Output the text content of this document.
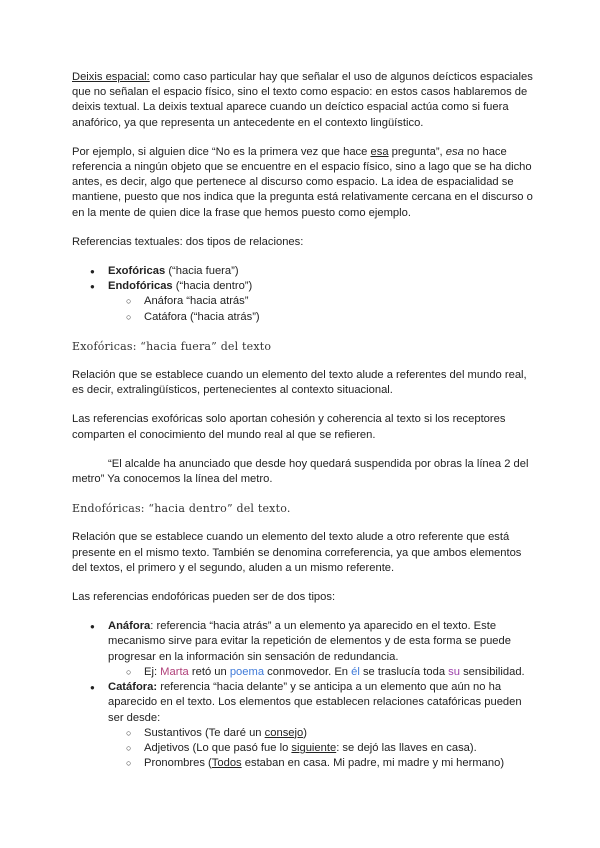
Deixis espacial: como caso particular hay que señalar el uso de algunos deícticos espaciales que no señalan el espacio físico, sino el texto como espacio: en estos casos hablaremos de deixis textual. La deixis textual aparece cuando un deíctico espacial actúa como si fuera anafórico, ya que representa un antecedente en el contexto lingüístico.

Por ejemplo, si alguien dice “No es la primera vez que hace esa pregunta”, esa no hace referencia a ningún objeto que se encuentre en el espacio físico, sino a lago que se ha dicho antes, es decir, algo que pertenece al discurso como espacio. La idea de espacialidad se mantiene, puesto que nos indica que la pregunta está relativamente cercana en el discurso o en la mente de quien dice la frase que hemos puesto como ejemplo.

Referencias textuales: dos tipos de relaciones:

● Exofóricas (“hacia fuera”)
● Endofóricas (“hacia dentro”)
○ Anáfora “hacia atrás”
○ Catáfora (“hacia atrás”)

Exofóricas: “hacia fuera” del texto

Relación que se establece cuando un elemento del texto alude a referentes del mundo real, es decir, extralingüísticos, pertenecientes al contexto situacional.

Las referencias exofóricas solo aportan cohesión y coherencia al texto si los receptores comparten el conocimiento del mundo real al que se refieren.

“El alcalde ha anunciado que desde hoy quedará suspendida por obras la línea 2 del metro” Ya conocemos la línea del metro.

Endofóricas: “hacia dentro” del texto.

Relación que se establece cuando un elemento del texto alude a otro referente que está presente en el mismo texto. También se denomina correferencia, ya que ambos elementos del textos, el primero y el segundo, aluden a un mismo referente.

Las referencias endofóricas pueden ser de dos tipos:

● Anáfora: referencia “hacia atrás” a un elemento ya aparecido en el texto. Este mecanismo sirve para evitar la repetición de elementos y de esta forma se puede progresar en la información sin sensación de redundancia.
○ Ej: Marta retó un poema conmovedor. En él se traslucía toda su sensibilidad.
● Catáfora: referencia “hacia delante” y se anticipa a un elemento que aún no ha aparecido en el texto. Los elementos que establecen relaciones catafóricas pueden ser desde:
○ Sustantivos (Te daré un consejo)
○ Adjetivos (Lo que pasó fue lo siguiente: se dejó las llaves en casa).
○ Pronombres (Todos estaban en casa. Mi padre, mi madre y mi hermano)
